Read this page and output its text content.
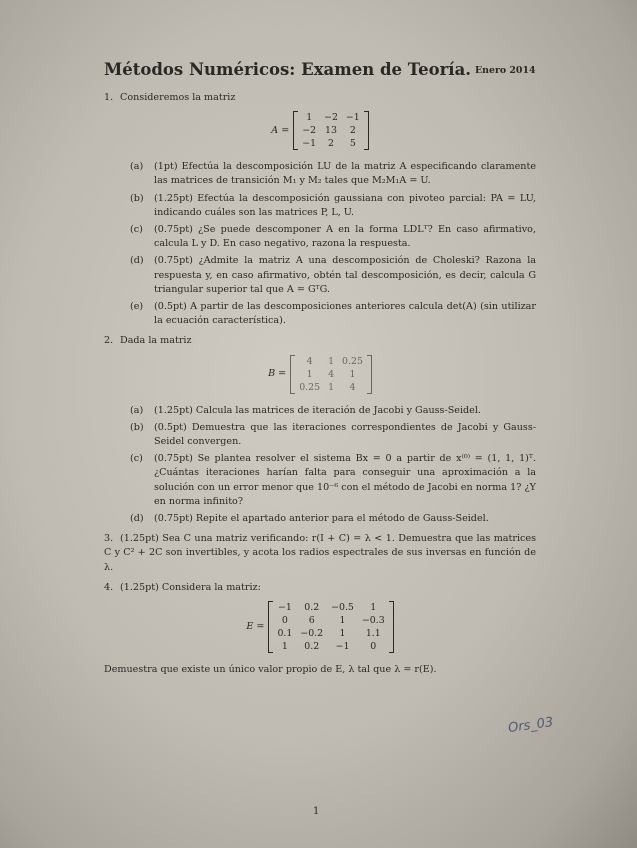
Métodos Numéricos: Examen de Teoría. Enero 2014
1. Consideremos la matriz
A =
1	−2	−1
−2	13	2
−1	2	5
(a) (1pt) Efectúa la descomposición LU de la matriz A especificando claramente las matrices de transición M₁ y M₂ tales que M₂M₁A = U.
(b) (1.25pt) Efectúa la descomposición gaussiana con pivoteo parcial: PA = LU, indicando cuáles son las matrices P, L, U.
(c) (0.75pt) ¿Se puede descomponer A en la forma LDLᵀ? En caso afirmativo, calcula L y D. En caso negativo, razona la respuesta.
(d) (0.75pt) ¿Admite la matriz A una descomposición de Choleski? Razona la respuesta y, en caso afirmativo, obtén tal descomposición, es decir, calcula G triangular superior tal que A = GᵀG.
(e) (0.5pt) A partir de las descomposiciones anteriores calcula det(A) (sin utilizar la ecuación característica).
2. Dada la matriz
B =
4	1	0.25
1	4	1
0.25	1	4
(a) (1.25pt) Calcula las matrices de iteración de Jacobi y Gauss-Seidel.
(b) (0.5pt) Demuestra que las iteraciones correspondientes de Jacobi y Gauss-Seidel convergen.
(c) (0.75pt) Se plantea resolver el sistema Bx = 0 a partir de x⁽⁰⁾ = (1, 1, 1)ᵀ. ¿Cuántas iteraciones harían falta para conseguir una aproximación a la solución con un error menor que 10⁻⁶ con el método de Jacobi en norma 1? ¿Y en norma infinito?
(d) (0.75pt) Repite el apartado anterior para el método de Gauss-Seidel.
3. (1.25pt) Sea C una matriz verificando: r(I + C) = λ < 1. Demuestra que las matrices C y C² + 2C son invertibles, y acota los radios espectrales de sus inversas en función de λ.
4. (1.25pt) Considera la matriz:
E =
−1	0.2	−0.5	1
0	6	1	−0.3
0.1	−0.2	1	1.1
1	0.2	−1	0
Demuestra que existe un único valor propio de E, λ tal que λ = r(E).
Ors_03
1
